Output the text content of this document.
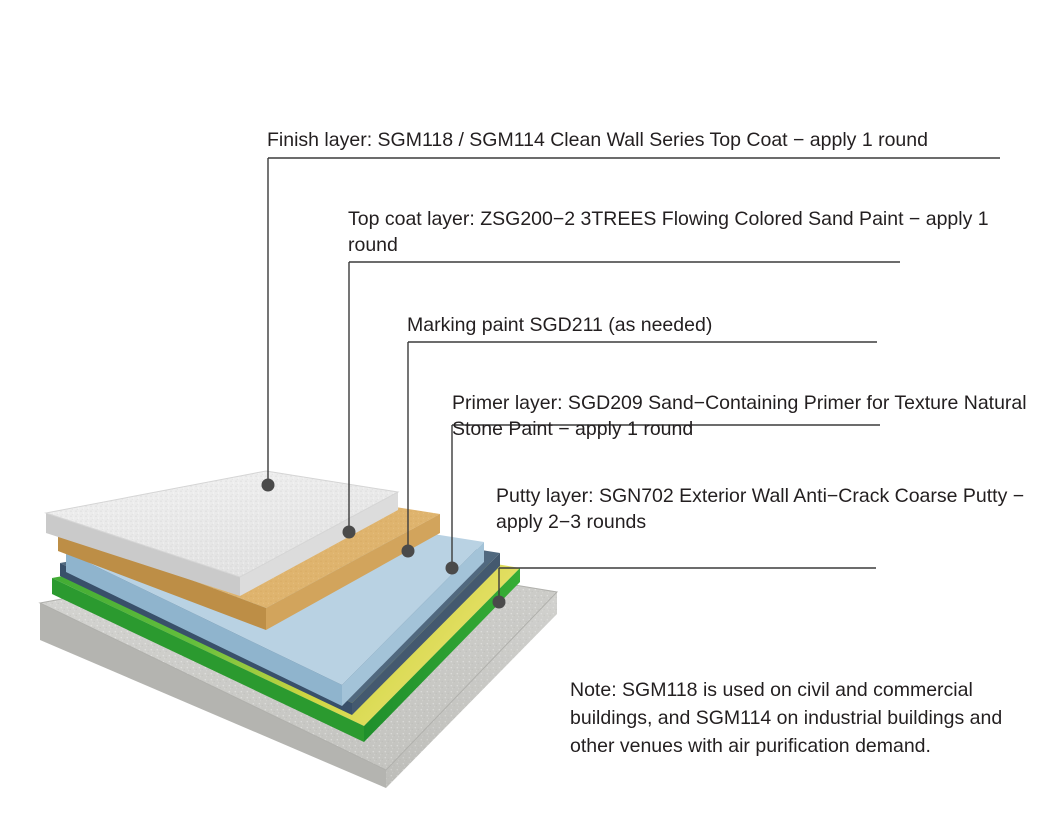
Finish layer: SGM118 / SGM114 Clean Wall Series Top Coat − apply 1 round
Top coat layer: ZSG200−2 3TREES Flowing Colored Sand Paint − apply 1 round
Marking paint SGD211 (as needed)
Primer layer: SGD209 Sand−Containing Primer for Texture Natural Stone Paint − apply 1 round
Putty layer: SGN702 Exterior Wall Anti−Crack Coarse Putty − apply 2−3 rounds
Note: SGM118 is used on civil and commercial buildings, and SGM114 on industrial buildings and other venues with air purification demand.
